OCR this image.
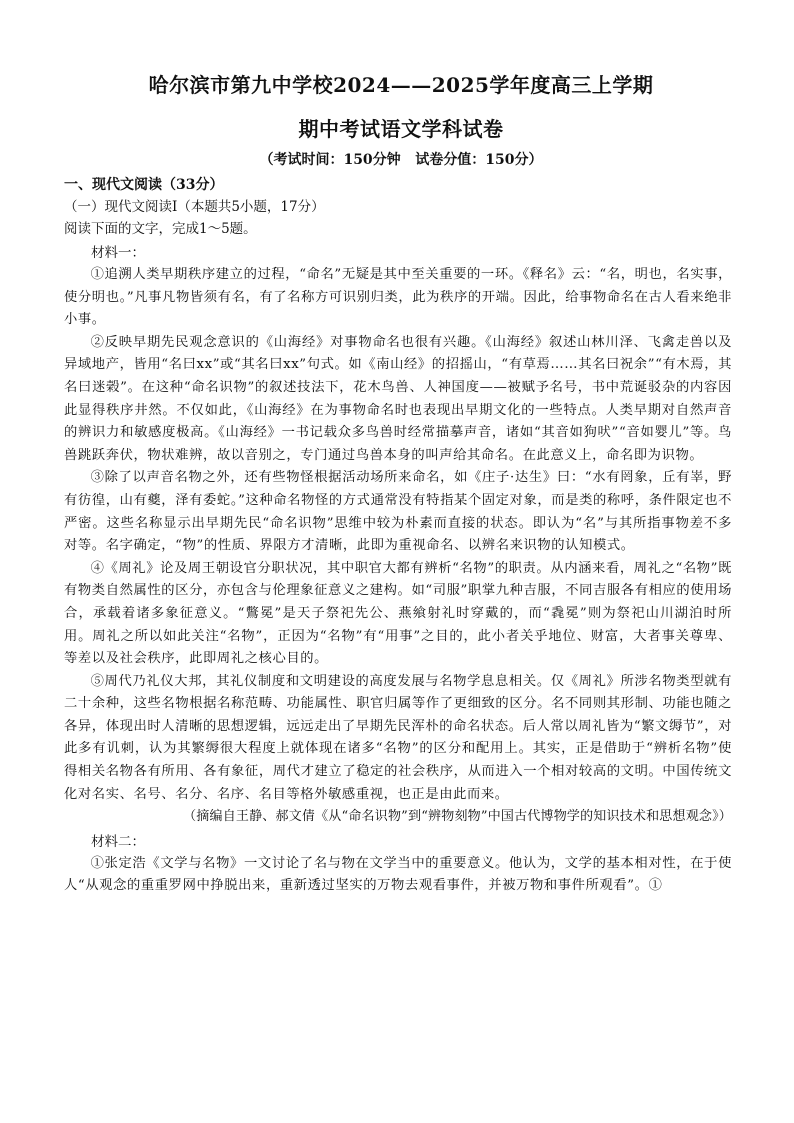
哈尔滨市第九中学校2024——2025学年度高三上学期
期中考试语文学科试卷
（考试时间：150分钟   试卷分值：150分）
一、现代文阅读（33分）
（一）现代文阅读Ⅰ（本题共5小题，17分）
阅读下面的文字，完成1～5题。
材料一：

①追溯人类早期秩序建立的过程，“命名”无疑是其中至关重要的一环。《释名》云：“名，明也，名实事，使分明也。”凡事凡物皆须有名，有了名称方可识别归类，此为秩序的开端。因此，给事物命名在古人看来绝非小事。

②反映早期先民观念意识的《山海经》对事物命名也很有兴趣。《山海经》叙述山林川泽、飞禽走兽以及异域地产，皆用“名曰xx”或“其名曰xx”句式。如《南山经》的招摇山，“有草焉……其名曰祝余”“有木焉，其名曰迷榖”。在这种“命名识物”的叙述技法下，花木鸟兽、人神国度——被赋予名号，书中荒诞驳杂的内容因此显得秩序井然。不仅如此，《山海经》在为事物命名时也表现出早期文化的一些特点。人类早期对自然声音的辨识力和敏感度极高。《山海经》一书记载众多鸟兽时经常描摹声音，诸如“其音如狗吠”“音如婴儿”等。鸟兽跳跃奔伏，物状难辨，故以音别之，专门通过鸟兽本身的叫声给其命名。在此意义上，命名即为识物。

③除了以声音名物之外，还有些物怪根据活动场所来命名，如《庄子·达生》曰：“水有罔象，丘有峷，野有彷徨，山有夔，泽有委蛇。”这种命名物怪的方式通常没有特指某个固定对象，而是类的称呼，条件限定也不严密。这些名称显示出早期先民“命名识物”思维中较为朴素而直接的状态。即认为“名”与其所指事物差不多对等。名字确定，“物”的性质、界限方才清晰，此即为重视命名、以辨名来识物的认知模式。

④《周礼》论及周王朝设官分职状况，其中职官大都有辨析“名物”的职责。从内涵来看，周礼之“名物”既有物类自然属性的区分，亦包含与伦理象征意义之建构。如“司服”职掌九种吉服，不同吉服各有相应的使用场合，承载着诸多象征意义。“鷩冕”是天子祭祀先公、燕飨射礼时穿戴的，而“毳冕”则为祭祀山川湖泊时所用。周礼之所以如此关注“名物”，正因为“名物”有“用事”之目的，此小者关乎地位、财富，大者事关尊卑、等差以及社会秩序，此即周礼之核心目的。

⑤周代乃礼仪大邦，其礼仪制度和文明建设的高度发展与名物学息息相关。仅《周礼》所涉名物类型就有二十余种，这些名物根据名称范畴、功能属性、职官归属等作了更细致的区分。名不同则其形制、功能也随之各异，体现出时人清晰的思想逻辑，远远走出了早期先民浑朴的命名状态。后人常以周礼皆为“繁文缛节”，对此多有讥刺，认为其繁缛很大程度上就体现在诸多“名物”的区分和配用上。其实，正是借助于“辨析名物”使得相关名物各有所用、各有象征，周代才建立了稳定的社会秩序，从而进入一个相对较高的文明。中国传统文化对名实、名号、名分、名序、名目等格外敏感重视，也正是由此而来。

（摘编自王静、郝文倩《从“命名识物”到“辨物刻物”中国古代博物学的知识技术和思想观念》）

材料二：

①张定浩《文学与名物》一文讨论了名与物在文学当中的重要意义。他认为，文学的基本相对性，在于使人“从观念的重重罗网中挣脱出来，重新透过坚实的万物去观看事件，并被万物和事件所观看”。①
